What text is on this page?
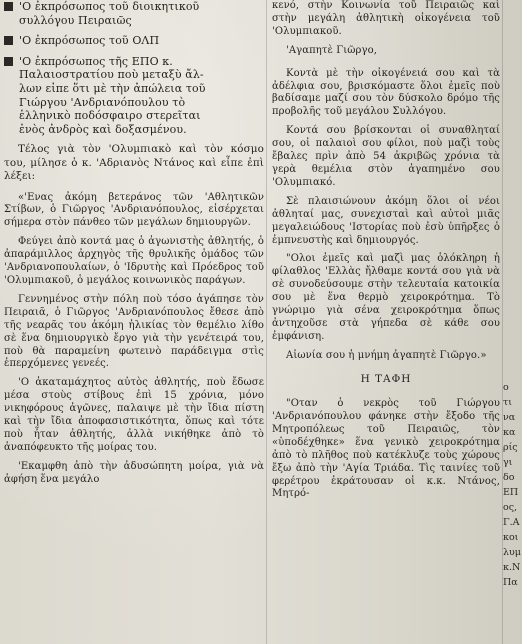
'Ο ἐκπρόσωπος τοῦ διοικητικοῦ
συλλόγου Πειραιῶς
'Ο ἐκπρόσωπος τοῦ ΟΛΠ
'Ο ἐκπρόσωπος τῆς ΕΠΟ κ.
Παλαιοστρατίου ποὺ μεταξὺ ἄλ-
λων εἶπε ὅτι μὲ τὴν ἀπώλεια τοῦ
Γιώργου 'Ανδριανόπουλου τὸ
ἑλληνικὸ ποδόσφαιρο στερεῖται
ἐνὸς ἀνδρὸς καὶ δοξασμένου.

Τέλος γιὰ τὸν 'Ολυμπιακὸ καὶ τὸν κόσμο του, μίλησε ὁ κ. 'Αδριανὸς Ντάνος καὶ εἶπε ἐπὶ λέξει:

«'Ενας ἀκόμη βετεράνος τῶν 'Αθλητικῶν Στίβων, ὁ Γιῶργος 'Ανδριανόπουλος, εἰσέρχεται σήμερα στὸν πάνθεο τῶν μεγάλων δημιουργῶν.

Φεύγει ἀπὸ κοντά μας ὁ ἀγωνιστὴς ἀθλητής, ὁ ἀπαράμιλλος ἀρχηγὸς τῆς θρυλικῆς ὁμάδος τῶν 'Ανδριανοπουλαίων, ὁ 'Ιδρυτὴς καὶ Πρόεδρος τοῦ 'Ολυμπιακοῦ, ὁ μεγάλος κοινωνικὸς παράγων.

Γεννημένος στὴν πόλη ποὺ τόσο ἀγάπησε τὸν Πειραιᾶ, ὁ Γιῶργος 'Ανδριανόπουλος ἔθεσε ἀπὸ τῆς νεαρᾶς του ἀκόμη ἡλικίας τὸν θεμέλιο λίθο σὲ ἕνα δημιουργικὸ ἔργο γιὰ τὴν γενέτειρά του, ποὺ θὰ παραμείνη φωτεινὸ παράδειγμα στὶς ἐπερχόμενες γενεές.

'Ο ἀκαταμάχητος αὐτὸς ἀθλητής, ποὺ ἔδωσε μέσα στοὺς στίβους ἐπὶ 15 χρόνια, μόνο νικηφόρους ἀγῶνες, παλαιψε μὲ τὴν ἴδια πίστη καὶ τὴν ἴδια ἀποφασιστικότητα, ὅπως καὶ τότε ποὺ ἦταν ἀθλητής, ἀλλὰ νικήθηκε ἀπὸ τὸ ἀναπόφευκτο τῆς μοίρας του.

'Εκαμφθη ἀπὸ τὴν ἀδυσώπητη μοίρα, γιὰ νὰ ἀφήση ἕνα μεγάλο

κενό, στὴν Κοινωνία τοῦ Πειραιῶς καὶ στὴν μεγάλη ἀθλητικὴ οἰκογένεια τοῦ 'Ολυμπιακοῦ.

'Αγαπητὲ Γιῶργο,

Κοντὰ μὲ τὴν οἰκογένειά σου καὶ τὰ ἀδέλφια σου, βρισκόμαστε ὅλοι ἐμεῖς ποὺ βαδίσαμε μαζί σου τὸν δύσκολο δρόμο τῆς προβολῆς τοῦ μεγάλου Συλλόγου.

Κοντά σου βρίσκονται οἱ συναθληταί σου, οἱ παλαιοὶ σου φίλοι, ποὺ μαζὶ τοὺς ἔβαλες πρὶν ἀπὸ 54 ἀκριβῶς χρόνια τὰ γερὰ θεμέλια στὸν ἀγαπημένο σου 'Ολυμπιακό.

Σὲ πλαισιώνουν ἀκόμη ὅλοι οἱ νέοι ἀθληταί μας, συνεχισταὶ καὶ αὐτοὶ μιᾶς μεγαλειώδους 'Ιστορίας ποὺ ἐσὺ ὑπῆρξες ὁ ἐμπνευστὴς καὶ δημιουργός.

"Ολοι ἐμεῖς καὶ μαζὶ μας ὁλόκληρη ἡ φίλαθλος 'Ελλὰς ἤλθαμε κοντά σου γιὰ νὰ σὲ συνοδεύσουμε στὴν τελευταία κατοικία σου μὲ ἕνα θερμὸ χειροκρότημα. Τὸ γνώριμο γιὰ σένα χειροκρότημα ὅπως ἀντηχοῦσε στὰ γήπεδα σὲ κάθε σου ἐμφάνιση.

Αἰωνία σου ἡ μνήμη ἀγαπητὲ Γιῶργο.»

Η ΤΑΦΗ

"Οταν ὁ νεκρὸς τοῦ Γιώργου 'Ανδριανόπουλου φάνηκε στὴν ἔξοδο τῆς Μητροπόλεως τοῦ Πειραιῶς, τὸν «ὑποδέχθηκε» ἕνα γενικὸ χειροκρότημα ἀπὸ τὸ πλῆθος ποὺ κατέκλυζε τοὺς χώρους ἔξω ἀπὸ τὴν 'Αγία Τριάδα. Τὶς ταινίες τοῦ φερέτρου ἐκράτουσαν οἱ κ.κ. Ντάνος, Μητρό-

ο
τι
να
κα
ρίς
γι
δο
ΕΠ
ος,
Γ.Α
κοι
λυμ
κ.Ν
Πα
